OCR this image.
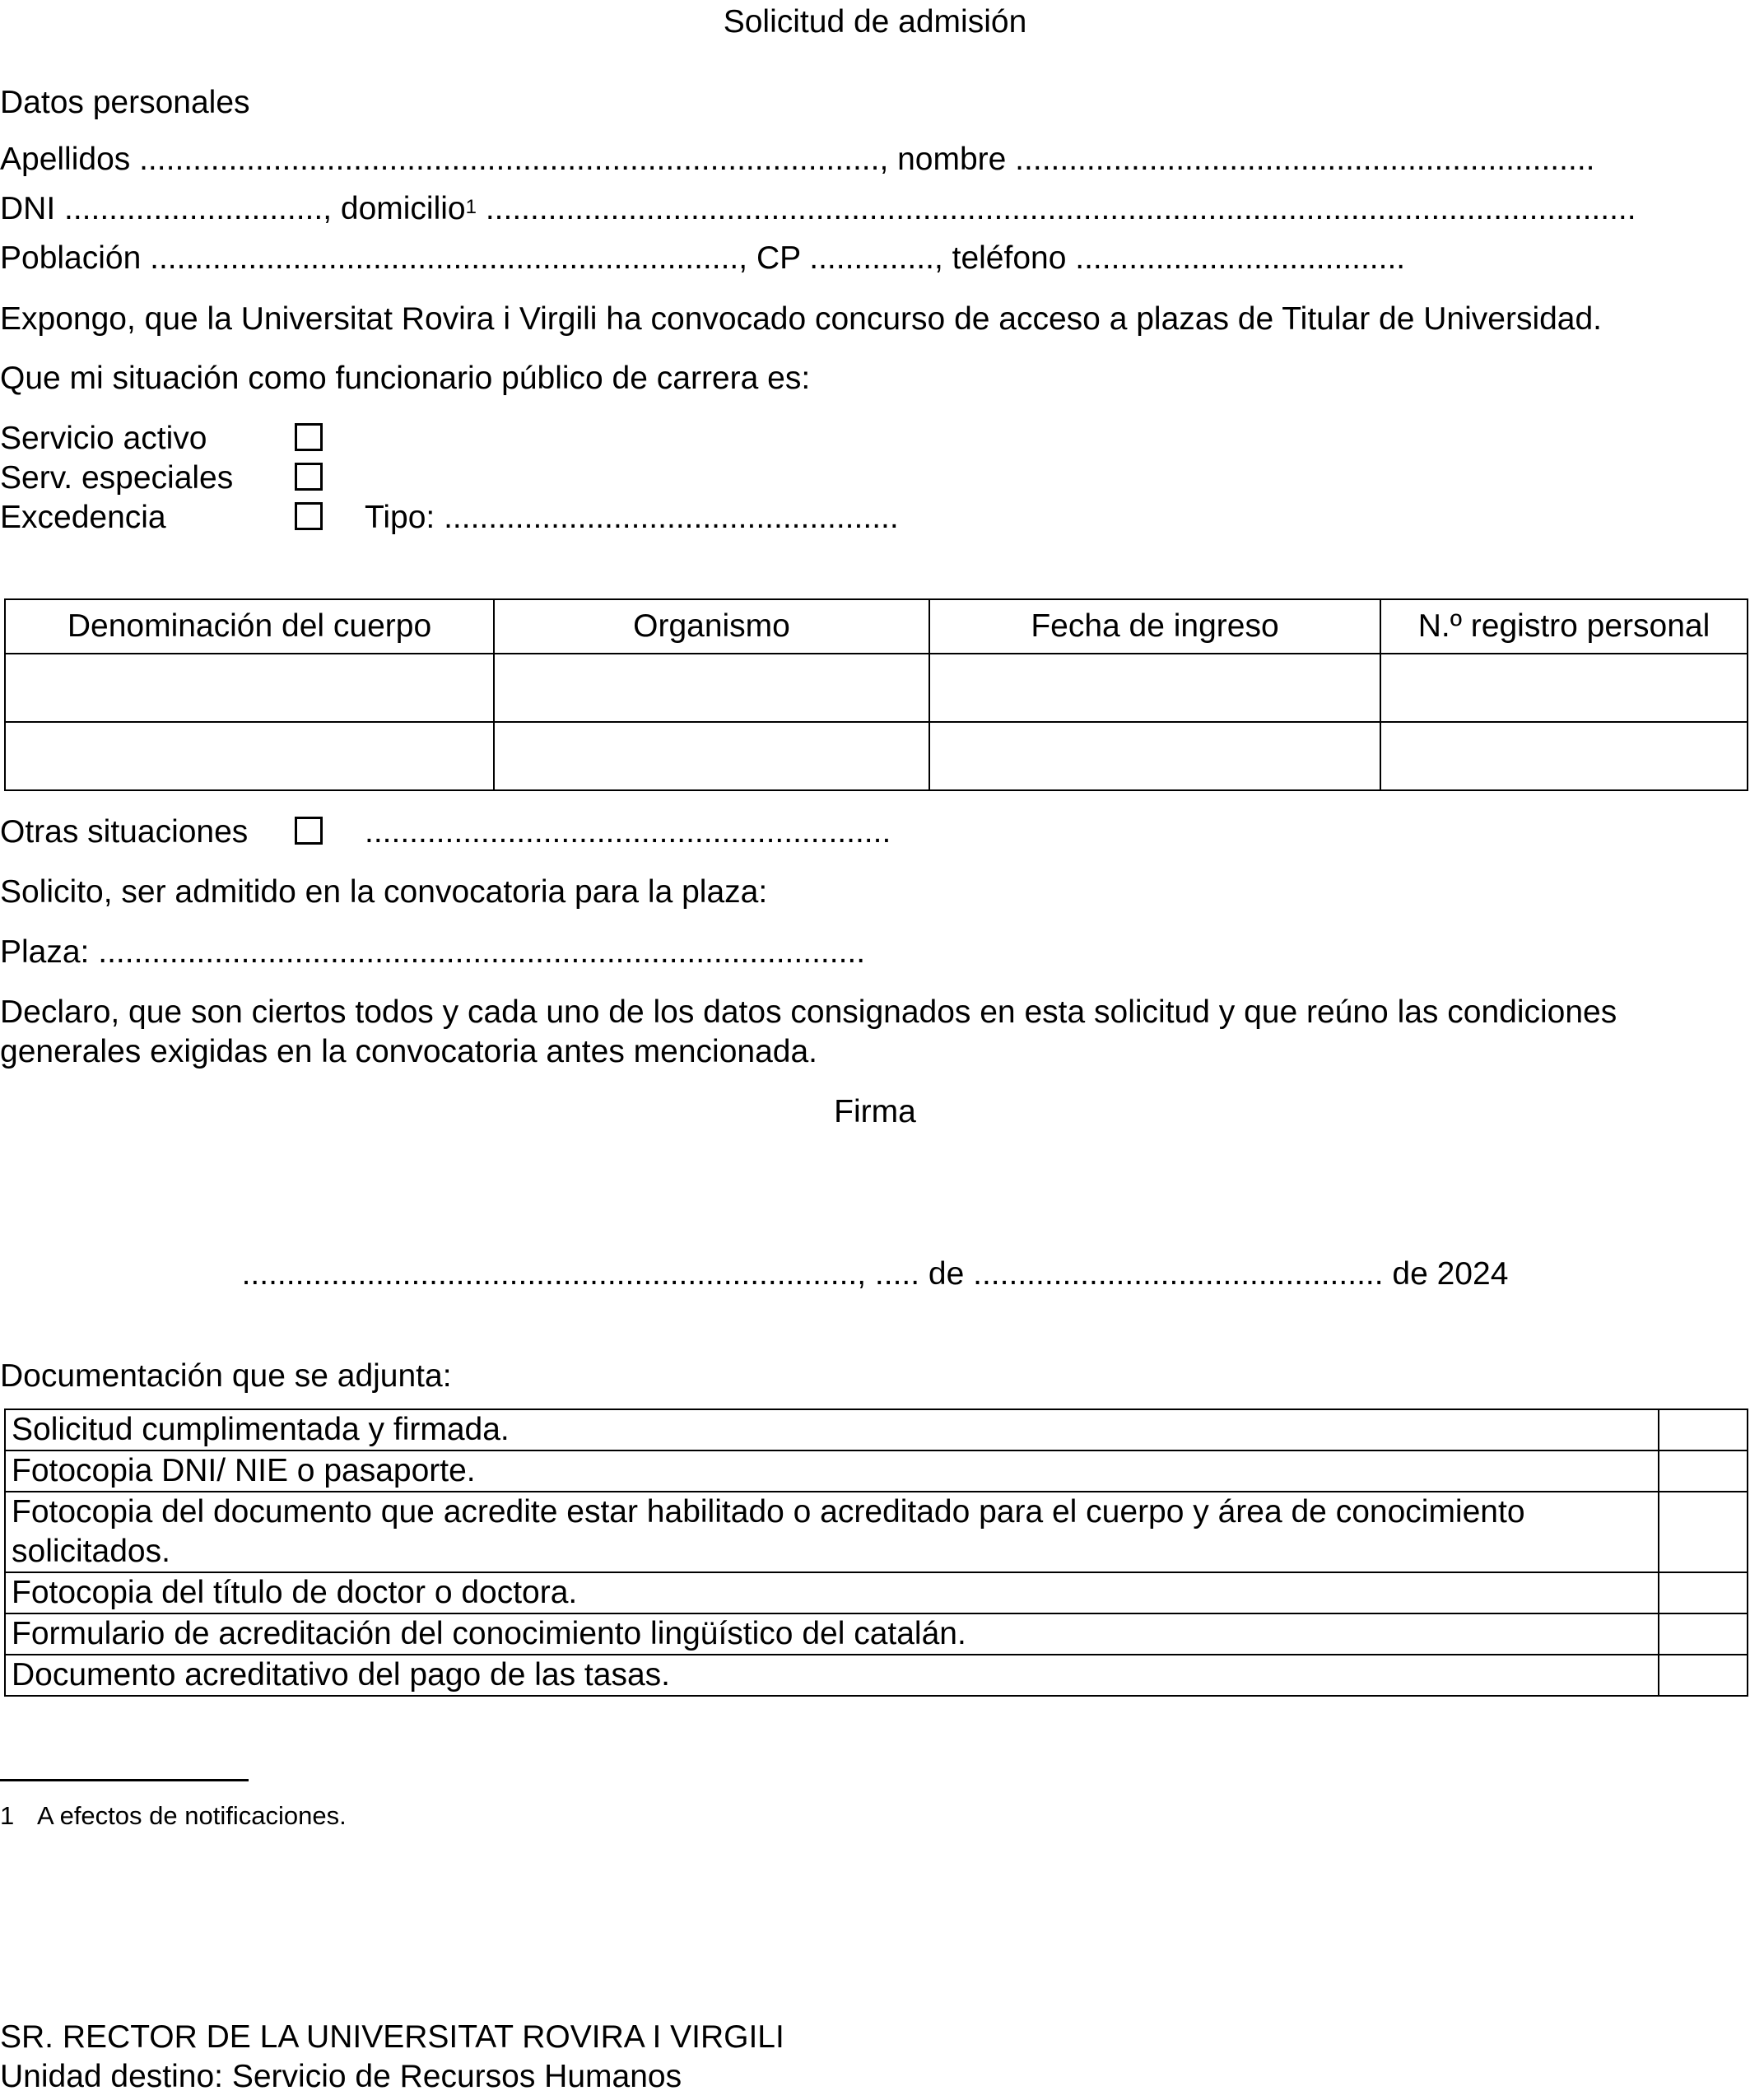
Solicitud de admisión
Datos personales
Apellidos ..................................................................................., nombre .................................................................
DNI ............................., domicilio$^1$ .................................................................................................................................
Población .................................................................., CP .............., teléfono .....................................
Expongo, que la Universitat Rovira i Virgili ha convocado concurso de acceso a plazas de Titular de Universidad.
Que mi situación como funcionario público de carrera es:
Servicio activo
Serv. especiales
Excedencia	Tipo: ...................................................
Denominación del cuerpo	Organismo	Fecha de ingreso	N.º registro personal

Otras situaciones	...........................................................
Solicito, ser admitido en la convocatoria para la plaza:
Plaza: ......................................................................................
Declaro, que son ciertos todos y cada uno de los datos consignados en esta solicitud y que reúno las condiciones
generales exigidas en la convocatoria antes mencionada.
Firma
....................................................................., ..... de .............................................. de 2024
Documentación que se adjunta:
Solicitud cumplimentada y firmada.	
Fotocopia DNI/ NIE o pasaporte.	
Fotocopia del documento que acredite estar habilitado o acreditado para el cuerpo y área de conocimiento solicitados.	
Fotocopia del título de doctor o doctora.	
Formulario de acreditación del conocimiento lingüístico del catalán.	
Documento acreditativo del pago de las tasas.	
1 A efectos de notificaciones.
SR. RECTOR DE LA UNIVERSITAT ROVIRA I VIRGILI
Unidad destino: Servicio de Recursos Humanos
